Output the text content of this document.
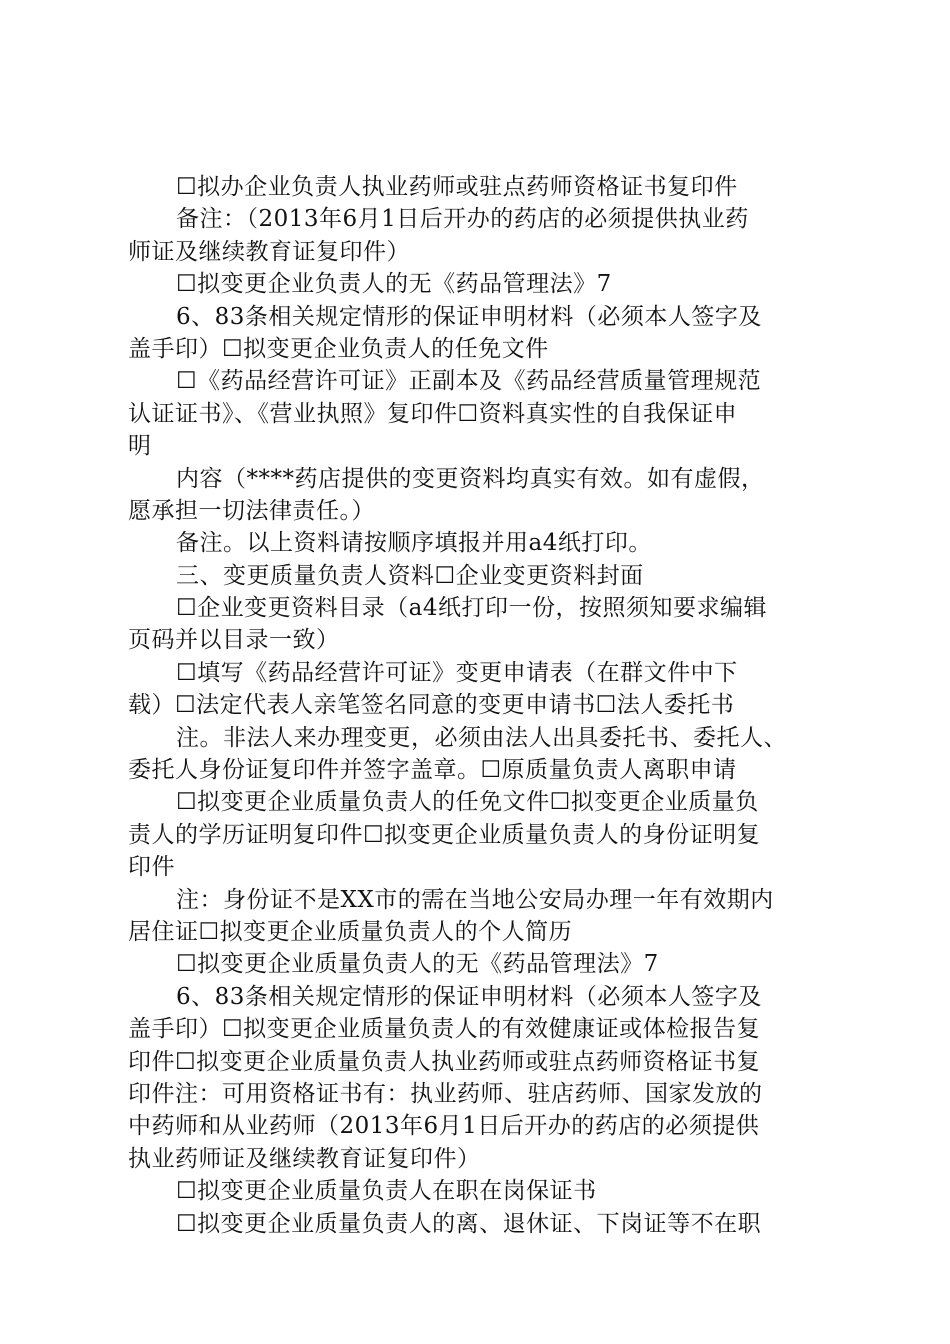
☐拟办企业负责人执业药师或驻点药师资格证书复印件
备注：（2013年6月1日后开办的药店的必须提供执业药
师证及继续教育证复印件）
☐拟变更企业负责人的无《药品管理法》7
6、83条相关规定情形的保证申明材料（必须本人签字及
盖手印）☐拟变更企业负责人的任免文件
☐《药品经营许可证》正副本及《药品经营质量管理规范
认证证书》、《营业执照》复印件☐资料真实性的自我保证申
明
内容（****药店提供的变更资料均真实有效。如有虚假，
愿承担一切法律责任。）
备注。以上资料请按顺序填报并用a4纸打印。
三、变更质量负责人资料☐企业变更资料封面
☐企业变更资料目录（a4纸打印一份，按照须知要求编辑
页码并以目录一致）
☐填写《药品经营许可证》变更申请表（在群文件中下
载）☐法定代表人亲笔签名同意的变更申请书☐法人委托书
注。非法人来办理变更，必须由法人出具委托书、委托人、
委托人身份证复印件并签字盖章。☐原质量负责人离职申请
☐拟变更企业质量负责人的任免文件☐拟变更企业质量负
责人的学历证明复印件☐拟变更企业质量负责人的身份证明复
印件
注：身份证不是XX市的需在当地公安局办理一年有效期内
居住证☐拟变更企业质量负责人的个人简历
☐拟变更企业质量负责人的无《药品管理法》7
6、83条相关规定情形的保证申明材料（必须本人签字及
盖手印）☐拟变更企业质量负责人的有效健康证或体检报告复
印件☐拟变更企业质量负责人执业药师或驻点药师资格证书复
印件注：可用资格证书有：执业药师、驻店药师、国家发放的
中药师和从业药师（2013年6月1日后开办的药店的必须提供
执业药师证及继续教育证复印件）
☐拟变更企业质量负责人在职在岗保证书
☐拟变更企业质量负责人的离、退休证、下岗证等不在职
